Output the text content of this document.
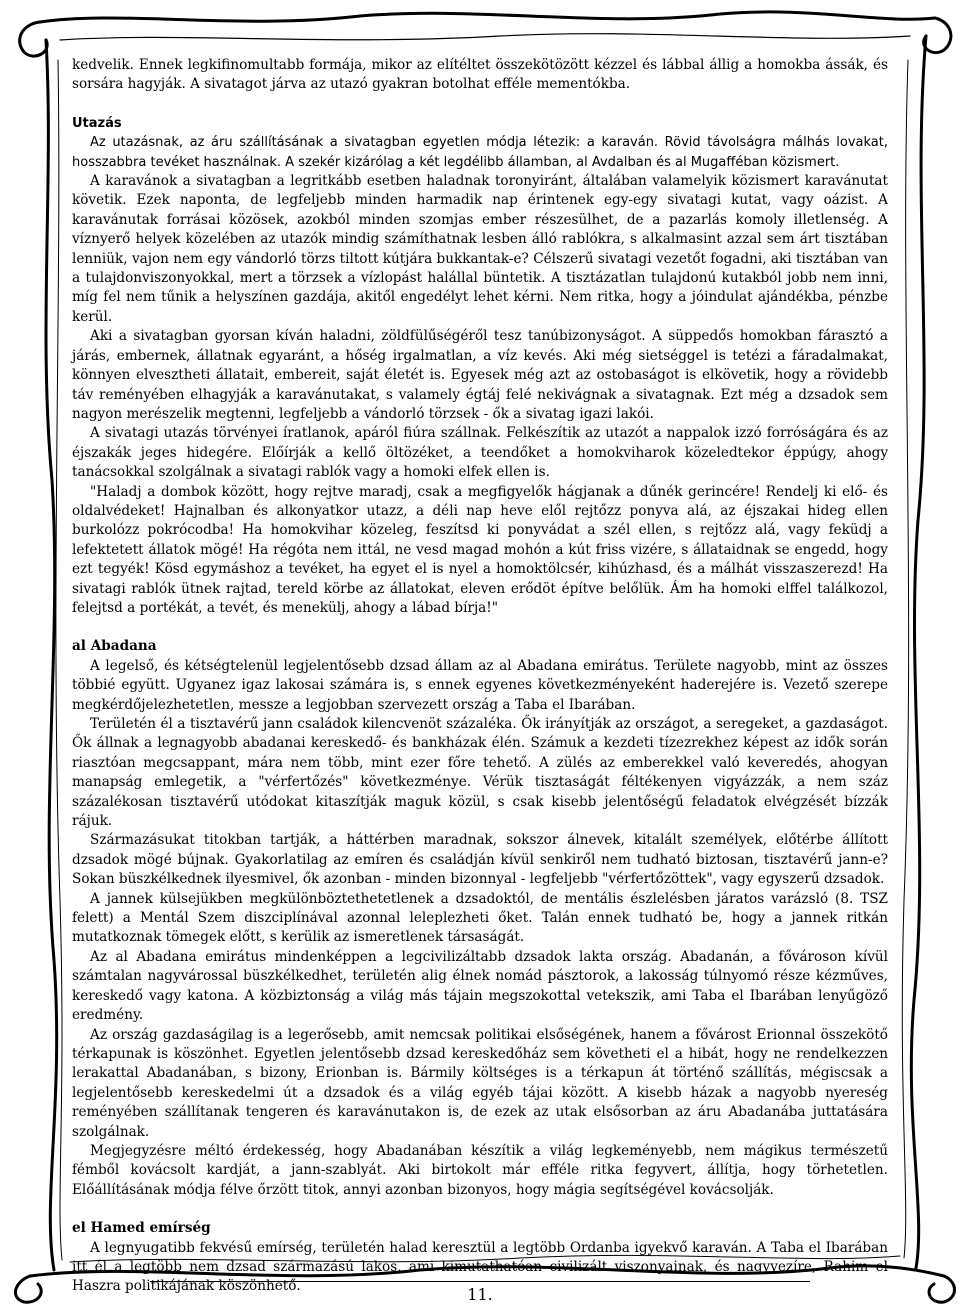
kedvelik. Ennek legkifinomultabb formája, mikor az elítéltet összekötözött kézzel és lábbal állig a homokba ássák, és sorsára hagyják. A sivatagot járva az utazó gyakran botolhat efféle mementókba.

Utazás

Az utazásnak, az áru szállításának a sivatagban egyetlen módja létezik: a karaván. Rövid távolságra málhás lovakat, hosszabbra tevéket használnak. A szekér kizárólag a két legdélibb államban, al Avdalban és al Mugafféban közismert.

A karavánok a sivatagban a legritkább esetben haladnak toronyiránt, általában valamelyik közismert karavánutat követik. Ezek naponta, de legfeljebb minden harmadik nap érintenek egy-egy sivatagi kutat, vagy oázist. A karavánutak forrásai közösek, azokból minden szomjas ember részesülhet, de a pazarlás komoly illetlenség. A víznyerő helyek közelében az utazók mindig számíthatnak lesben álló rablókra, s alkalmasint azzal sem árt tisztában lenniük, vajon nem egy vándorló törzs tiltott kútjára bukkantak-e? Célszerű sivatagi vezetőt fogadni, aki tisztában van a tulajdonviszonyokkal, mert a törzsek a vízlopást halállal büntetik. A tisztázatlan tulajdonú kutakból jobb nem inni, míg fel nem tűnik a helyszínen gazdája, akitől engedélyt lehet kérni. Nem ritka, hogy a jóindulat ajándékba, pénzbe kerül.

Aki a sivatagban gyorsan kíván haladni, zöldfülűségéről tesz tanúbizonyságot. A süppedős homokban fárasztó a járás, embernek, állatnak egyaránt, a hőség irgalmatlan, a víz kevés. Aki még sietséggel is tetézi a fáradalmakat, könnyen elvesztheti állatait, embereit, saját életét is. Egyesek még azt az ostobaságot is elkövetik, hogy a rövidebb táv reményében elhagyják a karavánutakat, s valamely égtáj felé nekivágnak a sivatagnak. Ezt még a dzsadok sem nagyon merészelik megtenni, legfeljebb a vándorló törzsek - ők a sivatag igazi lakói.

A sivatagi utazás törvényei íratlanok, apáról fiúra szállnak. Felkészítik az utazót a nappalok izzó forróságára és az éjszakák jeges hidegére. Előírják a kellő öltözéket, a teendőket a homokviharok közeledtekor éppúgy, ahogy tanácsokkal szolgálnak a sivatagi rablók vagy a homoki elfek ellen is.

"Haladj a dombok között, hogy rejtve maradj, csak a megfigyelők hágjanak a dűnék gerincére! Rendelj ki elő- és oldalvédeket! Hajnalban és alkonyatkor utazz, a déli nap heve elől rejtőzz ponyva alá, az éjszakai hideg ellen burkolózz pokrócodba! Ha homokvihar közeleg, feszítsd ki ponyvádat a szél ellen, s rejtőzz alá, vagy feküdj a lefektetett állatok mögé! Ha régóta nem ittál, ne vesd magad mohón a kút friss vizére, s állataidnak se engedd, hogy ezt tegyék! Kösd egymáshoz a tevéket, ha egyet el is nyel a homoktölcsér, kihúzhasd, és a málhát visszaszerezd! Ha sivatagi rablók ütnek rajtad, tereld körbe az állatokat, eleven erődöt építve belőlük. Ám ha homoki elffel találkozol, felejtsd a portékát, a tevét, és menekülj, ahogy a lábad bírja!"

al Abadana

A legelső, és kétségtelenül legjelentősebb dzsad állam az al Abadana emirátus. Területe nagyobb, mint az összes többié együtt. Ugyanez igaz lakosai számára is, s ennek egyenes következményeként haderejére is. Vezető szerepe megkérdőjelezhetetlen, messze a legjobban szervezett ország a Taba el Ibarában.

Területén él a tisztavérű jann családok kilencvenöt százaléka. Ők irányítják az országot, a seregeket, a gazdaságot. Ők állnak a legnagyobb abadanai kereskedő- és bankházak élén. Számuk a kezdeti tízezrekhez képest az idők során riasztóan megcsappant, mára nem több, mint ezer főre tehető. A zülés az emberekkel való keveredés, ahogyan manapság emlegetik, a "vérfertőzés" következménye. Vérük tisztaságát féltékenyen vigyázzák, a nem száz százalékosan tisztavérű utódokat kitaszítják maguk közül, s csak kisebb jelentőségű feladatok elvégzését bízzák rájuk.

Származásukat titokban tartják, a háttérben maradnak, sokszor álnevek, kitalált személyek, előtérbe állított dzsadok mögé bújnak. Gyakorlatilag az emíren és családján kívül senkiről nem tudható biztosan, tisztavérű jann-e? Sokan büszkélkednek ilyesmivel, ők azonban - minden bizonnyal - legfeljebb "vérfertőzöttek", vagy egyszerű dzsadok.

A jannek külsejükben megkülönböztethetetlenek a dzsadoktól, de mentális észlelésben járatos varázsló (8. TSZ felett) a Mentál Szem diszciplínával azonnal leleplezheti őket. Talán ennek tudható be, hogy a jannek ritkán mutatkoznak tömegek előtt, s kerülik az ismeretlenek társaságát.

Az al Abadana emirátus mindenképpen a legcivilizáltabb dzsadok lakta ország. Abadanán, a fővároson kívül számtalan nagyvárossal büszkélkedhet, területén alig élnek nomád pásztorok, a lakosság túlnyomó része kézműves, kereskedő vagy katona. A közbiztonság a világ más tájain megszokottal vetekszik, ami Taba el Ibarában lenyűgöző eredmény.

Az ország gazdaságilag is a legerősebb, amit nemcsak politikai elsőségének, hanem a fővárost Erionnal összekötő térkapunak is köszönhet. Egyetlen jelentősebb dzsad kereskedőház sem követheti el a hibát, hogy ne rendelkezzen lerakattal Abadanában, s bizony, Erionban is. Bármily költséges is a térkapun át történő szállítás, mégiscsak a legjelentősebb kereskedelmi út a dzsadok és a világ egyéb tájai között. A kisebb házak a nagyobb nyereség reményében szállítanak tengeren és karavánutakon is, de ezek az utak elsősorban az áru Abadanába juttatására szolgálnak.

Megjegyzésre méltó érdekesség, hogy Abadanában készítik a világ legkeményebb, nem mágikus természetű fémből kovácsolt kardját, a jann-szablyát. Aki birtokolt már efféle ritka fegyvert, állítja, hogy törhetetlen. Előállításának módja félve őrzött titok, annyi azonban bizonyos, hogy mágia segítségével kovácsolják.

el Hamed emírség

A legnyugatibb fekvésű emírség, területén halad keresztül a legtöbb Ordanba igyekvő karaván. A Taba el Ibarában itt él a legtöbb nem dzsad származású lakos, ami kimutathatóan civilizált viszonyainak, és nagyvezíre, Rahim el Haszra politikájának köszönhető.	11.
